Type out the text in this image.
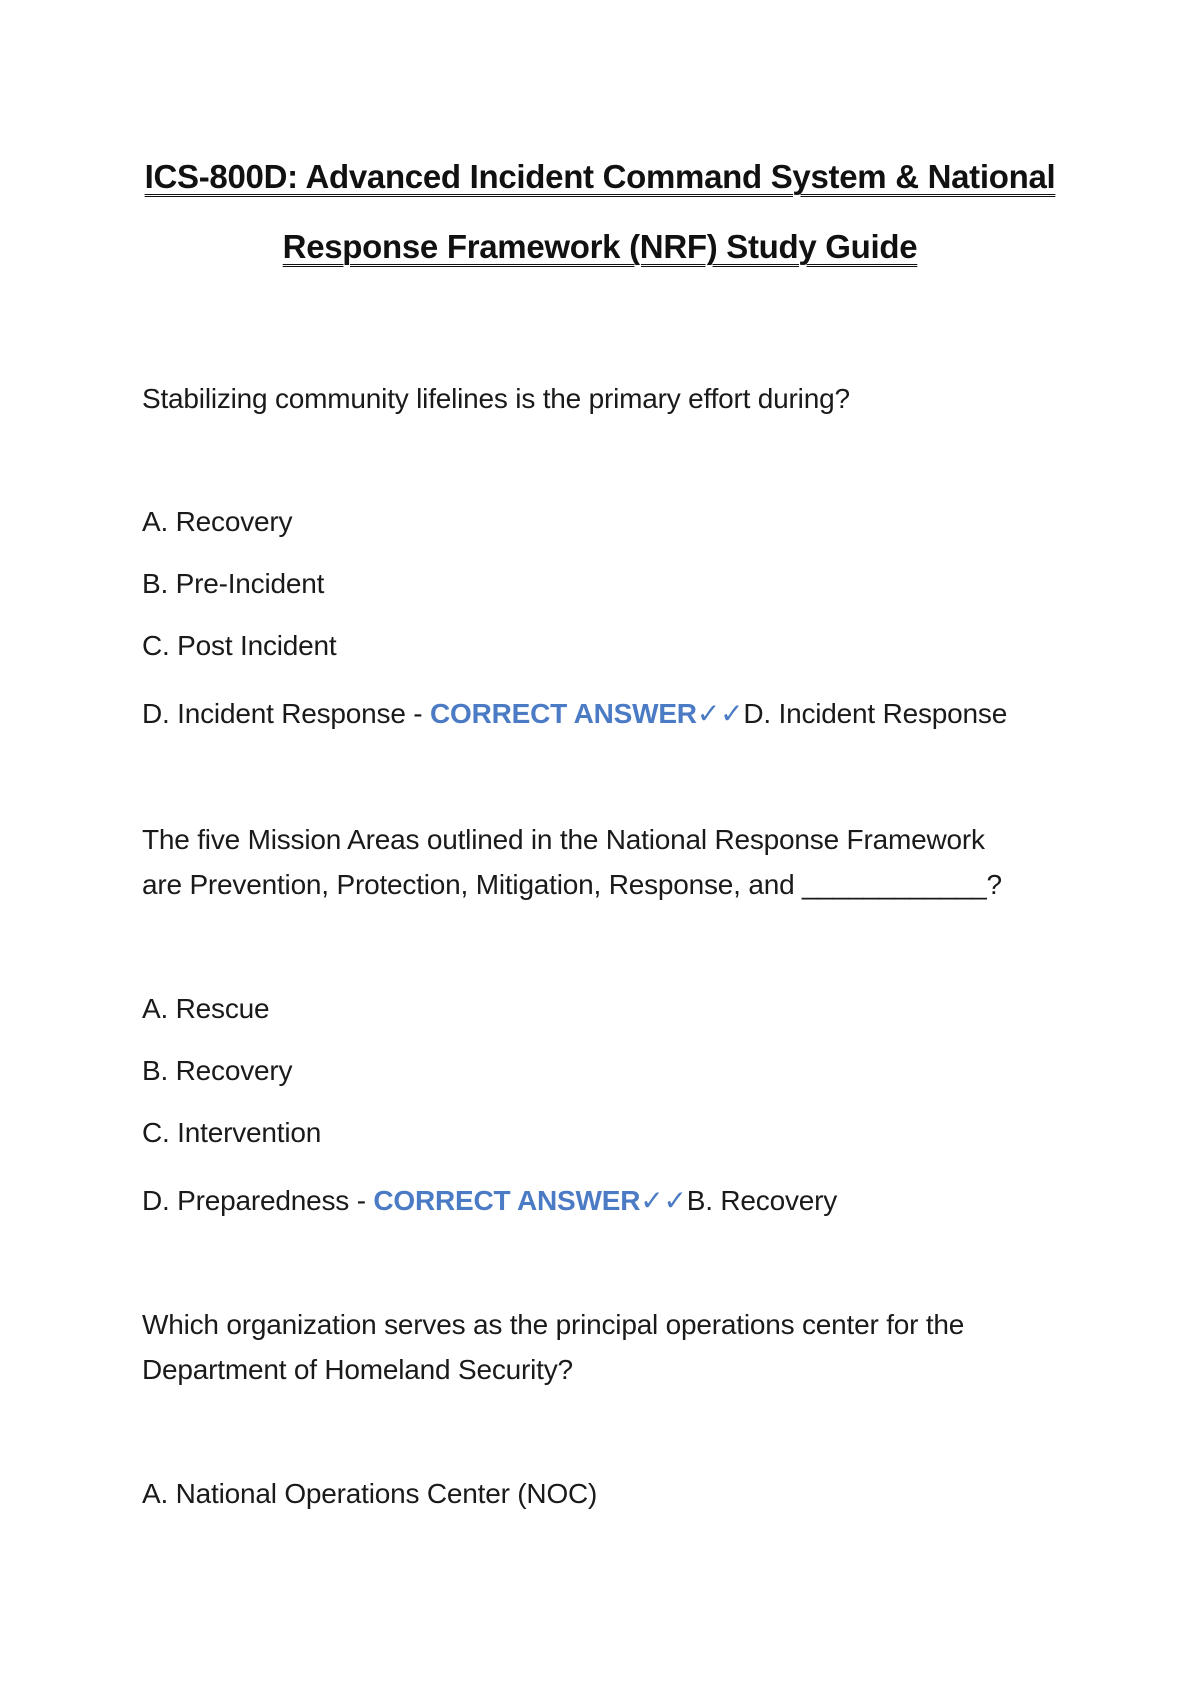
ICS-800D: Advanced Incident Command System & National
Response Framework (NRF) Study Guide
Stabilizing community lifelines is the primary effort during?
A. Recovery
B. Pre-Incident
C. Post Incident
D. Incident Response - CORRECT ANSWER✓✓D. Incident Response
The five Mission Areas outlined in the National Response Framework
are Prevention, Protection, Mitigation, Response, and ____________?
A. Rescue
B. Recovery
C. Intervention
D. Preparedness - CORRECT ANSWER✓✓B. Recovery
Which organization serves as the principal operations center for the
Department of Homeland Security?
A. National Operations Center (NOC)
